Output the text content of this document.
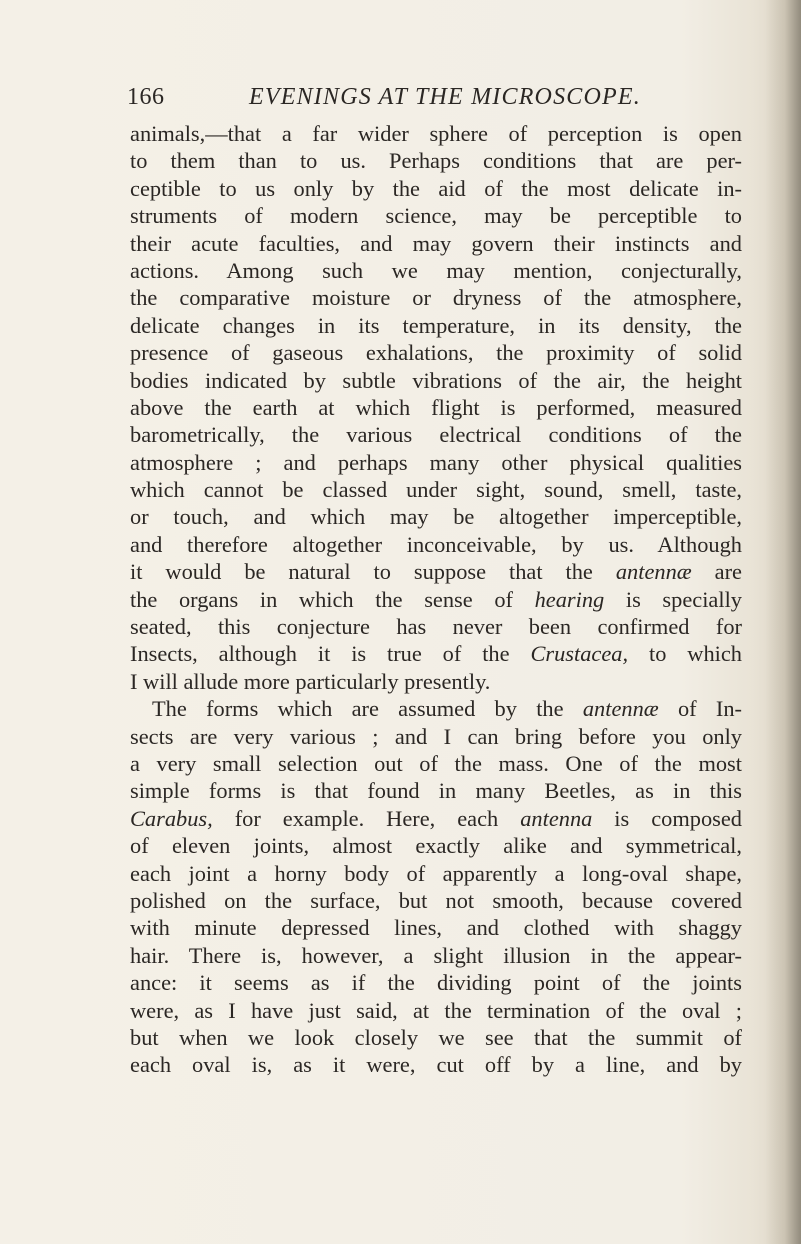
166	EVENINGS AT THE MICROSCOPE.
animals,—that a far wider sphere of perception is open
to them than to us. Perhaps conditions that are per-
ceptible to us only by the aid of the most delicate in-
struments of modern science, may be perceptible to
their acute faculties, and may govern their instincts and
actions. Among such we may mention, conjecturally,
the comparative moisture or dryness of the atmosphere,
delicate changes in its temperature, in its density, the
presence of gaseous exhalations, the proximity of solid
bodies indicated by subtle vibrations of the air, the height
above the earth at which flight is performed, measured
barometrically, the various electrical conditions of the
atmosphere ; and perhaps many other physical qualities
which cannot be classed under sight, sound, smell, taste,
or touch, and which may be altogether imperceptible,
and therefore altogether inconceivable, by us. Although
it would be natural to suppose that the antennæ are
the organs in which the sense of hearing is specially
seated, this conjecture has never been confirmed for
Insects, although it is true of the Crustacea, to which
I will allude more particularly presently.
The forms which are assumed by the antennæ of In-
sects are very various ; and I can bring before you only
a very small selection out of the mass. One of the most
simple forms is that found in many Beetles, as in this
Carabus, for example. Here, each antenna is composed
of eleven joints, almost exactly alike and symmetrical,
each joint a horny body of apparently a long-oval shape,
polished on the surface, but not smooth, because covered
with minute depressed lines, and clothed with shaggy
hair. There is, however, a slight illusion in the appear-
ance: it seems as if the dividing point of the joints
were, as I have just said, at the termination of the oval ;
but when we look closely we see that the summit of
each oval is, as it were, cut off by a line, and by
